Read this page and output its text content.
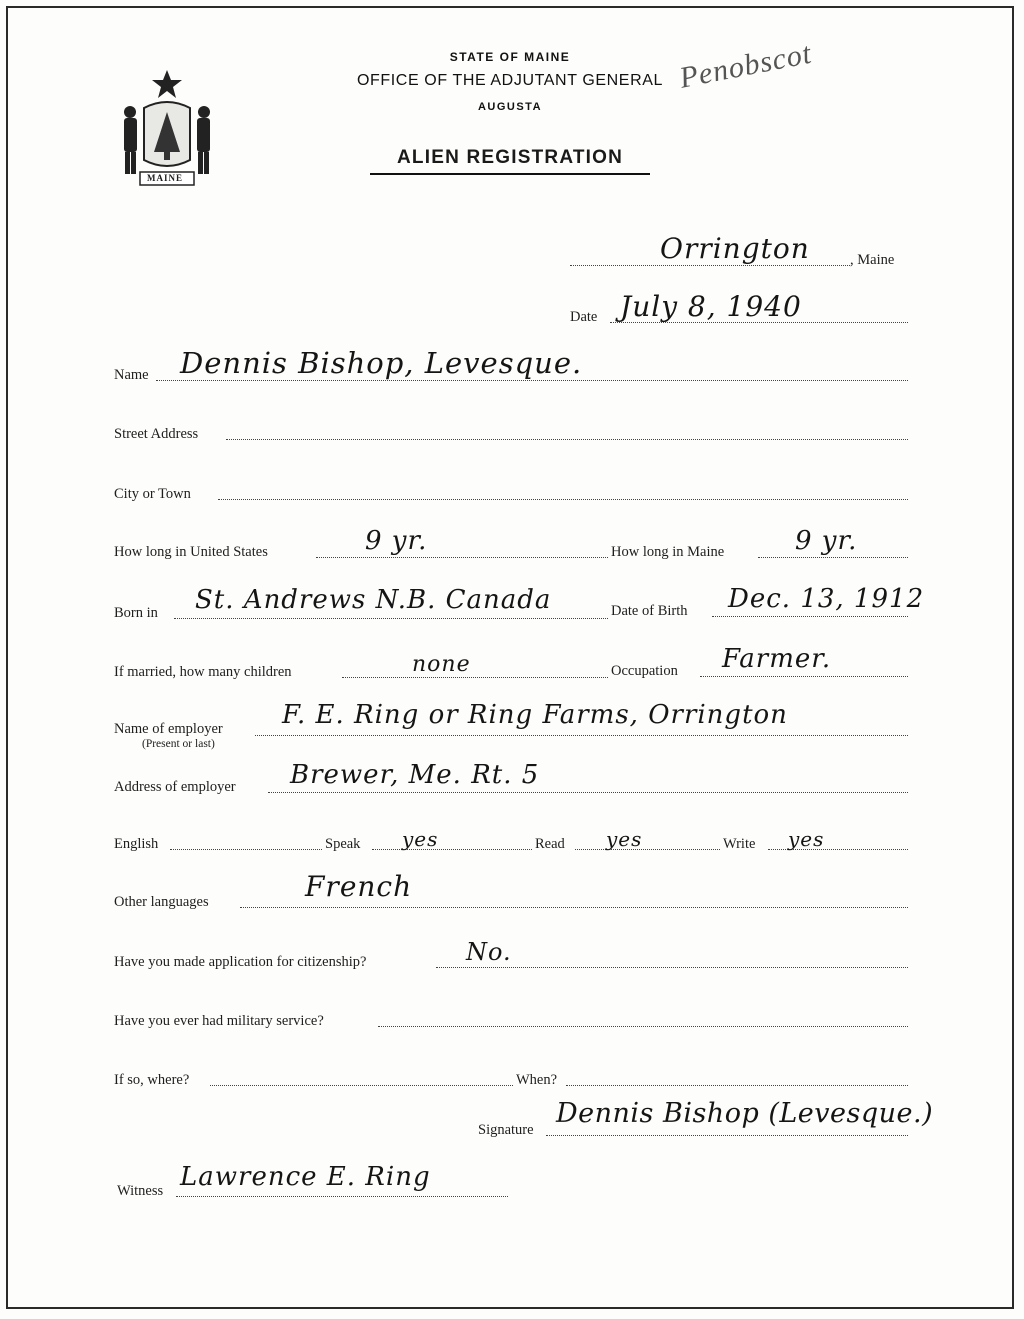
MAINE
STATE OF MAINE
OFFICE OF THE ADJUTANT GENERAL
AUGUSTA
ALIEN REGISTRATION
Penobscot
Orrington	, Maine
Date July 8, 1940
Name Dennis Bishop, Levesque.
Street Address
City or Town
How long in United States	9 yr.	How long in Maine	9 yr.
Born in St. Andrews N.B. Canada	Date of Birth Dec. 13, 1912
If married, how many children	none	Occupation Farmer.
Name of employer
(Present or last)
F. E. Ring or Ring Farms, Orrington
Address of employer Brewer, Me. Rt. 5
English	Speak yes	Read yes	Write yes
Other languages	French
Have you made application for citizenship?	No.
Have you ever had military service?
If so, where?	When?
Signature
Dennis Bishop (Levesque.)
Witness Lawrence E. Ring
